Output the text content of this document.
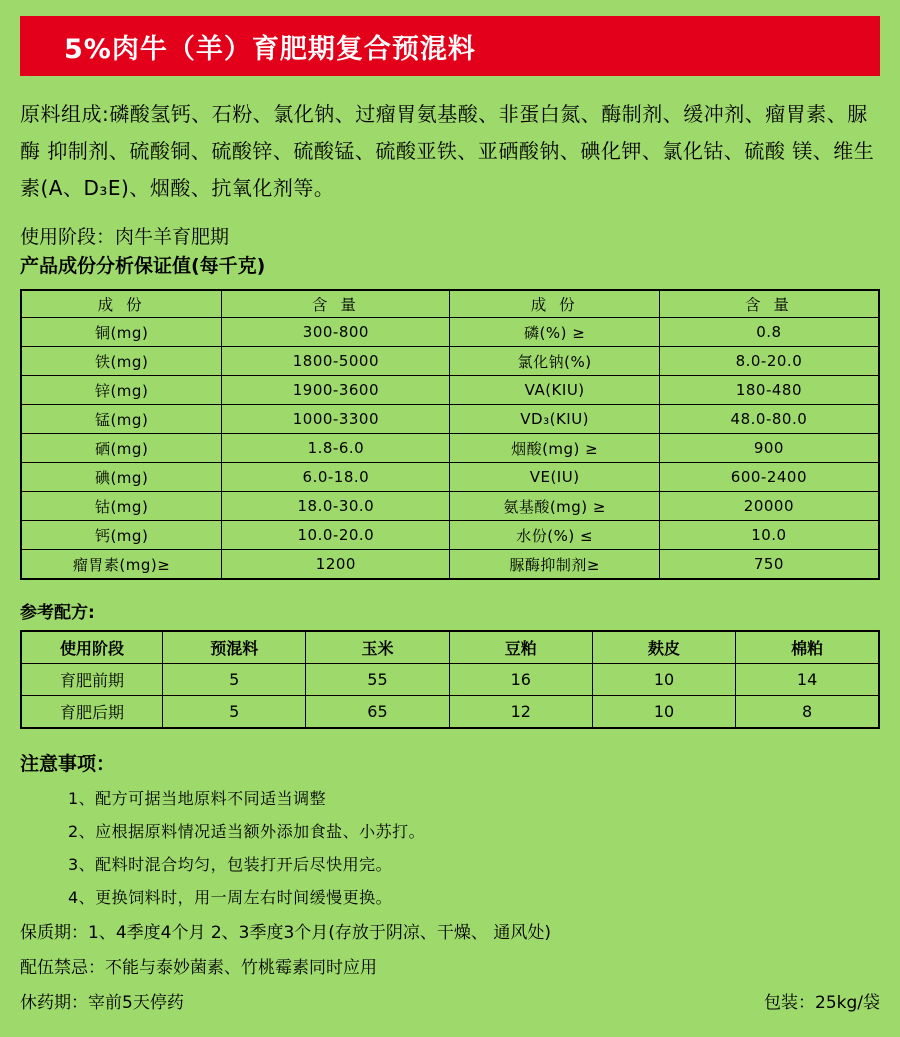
5%肉牛（羊）育肥期复合预混料
原料组成:磷酸氢钙、石粉、氯化钠、过瘤胃氨基酸、非蛋白氮、酶制剂、缓冲剂、瘤胃素、脲酶 抑制剂、硫酸铜、硫酸锌、硫酸锰、硫酸亚铁、亚硒酸钠、碘化钾、氯化钴、硫酸 镁、维生素(A、D₃E)、烟酸、抗氧化剂等。
使用阶段：肉牛羊育肥期
产品成份分析保证值(每千克)
成 份	含 量	成 份	含 量
铜(mg)	300-800	磷(%) ≥	0.8
铁(mg)	1800-5000	氯化钠(%)	8.0-20.0
锌(mg)	1900-3600	VA(KIU)	180-480
锰(mg)	1000-3300	VD₃(KIU)	48.0-80.0
硒(mg)	1.8-6.0	烟酸(mg) ≥	900
碘(mg)	6.0-18.0	VE(IU)	600-2400
钴(mg)	18.0-30.0	氨基酸(mg) ≥	20000
钙(mg)	10.0-20.0	水份(%) ≤	10.0
瘤胃素(mg)≥	1200	脲酶抑制剂≥	750
参考配方:
使用阶段	预混料	玉米	豆粕	麸皮	棉粕
育肥前期	5	55	16	10	14
育肥后期	5	65	12	10	8
注意事项：
1、配方可据当地原料不同适当调整
2、应根据原料情况适当额外添加食盐、小苏打。
3、配料时混合均匀，包装打开后尽快用完。
4、更换饲料时，用一周左右时间缓慢更换。
保质期：1、4季度4个月 2、3季度3个月(存放于阴凉、干燥、 通风处)
配伍禁忌：不能与泰妙菌素、竹桃霉素同时应用
休药期：宰前5天停药	包装：25kg/袋
